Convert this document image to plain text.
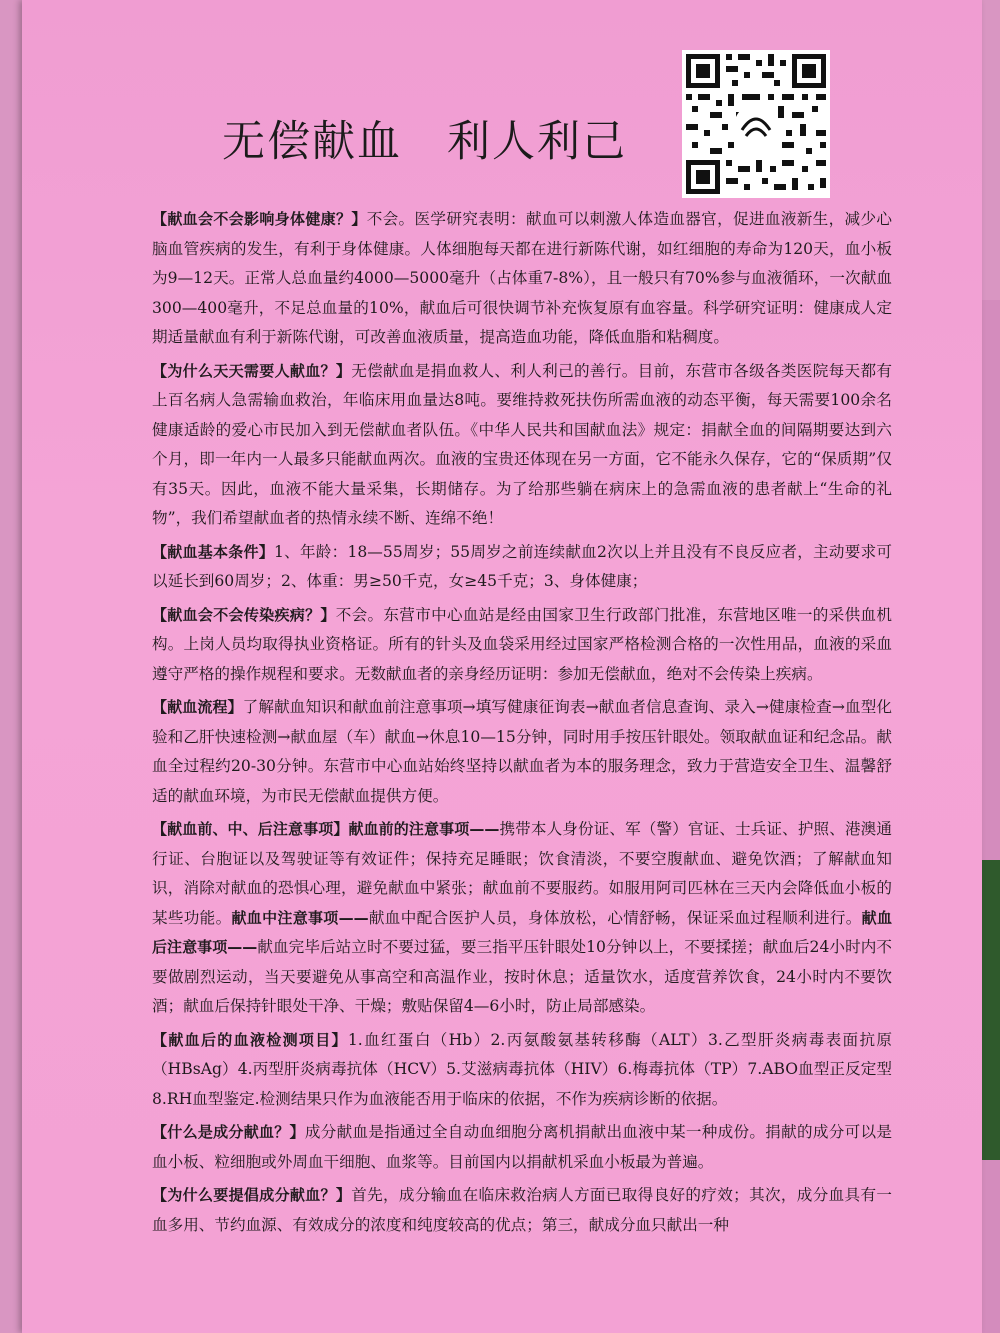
无偿献血　利人利己

【献血会不会影响身体健康？】不会。医学研究表明：献血可以刺激人体造血器官，促进血液新生，减少心脑血管疾病的发生，有利于身体健康。人体细胞每天都在进行新陈代谢，如红细胞的寿命为120天，血小板为9—12天。正常人总血量约4000—5000毫升（占体重7-8%），且一般只有70%参与血液循环，一次献血300—400毫升，不足总血量的10%，献血后可很快调节补充恢复原有血容量。科学研究证明：健康成人定期适量献血有利于新陈代谢，可改善血液质量，提高造血功能，降低血脂和粘稠度。

【为什么天天需要人献血？】无偿献血是捐血救人、利人利己的善行。目前，东营市各级各类医院每天都有上百名病人急需输血救治，年临床用血量达8吨。要维持救死扶伤所需血液的动态平衡，每天需要100余名健康适龄的爱心市民加入到无偿献血者队伍。《中华人民共和国献血法》规定：捐献全血的间隔期要达到六个月，即一年内一人最多只能献血两次。血液的宝贵还体现在另一方面，它不能永久保存，它的“保质期”仅有35天。因此，血液不能大量采集，长期储存。为了给那些躺在病床上的急需血液的患者献上“生命的礼物”，我们希望献血者的热情永续不断、连绵不绝！

【献血基本条件】1、年龄：18—55周岁；55周岁之前连续献血2次以上并且没有不良反应者，主动要求可以延长到60周岁；2、体重：男≥50千克，女≥45千克；3、身体健康；

【献血会不会传染疾病？】不会。东营市中心血站是经由国家卫生行政部门批准，东营地区唯一的采供血机构。上岗人员均取得执业资格证。所有的针头及血袋采用经过国家严格检测合格的一次性用品，血液的采血遵守严格的操作规程和要求。无数献血者的亲身经历证明：参加无偿献血，绝对不会传染上疾病。

【献血流程】了解献血知识和献血前注意事项→填写健康征询表→献血者信息查询、录入→健康检查→血型化验和乙肝快速检测→献血屋（车）献血→休息10—15分钟，同时用手按压针眼处。领取献血证和纪念品。献血全过程约20-30分钟。东营市中心血站始终坚持以献血者为本的服务理念，致力于营造安全卫生、温馨舒适的献血环境，为市民无偿献血提供方便。

【献血前、中、后注意事项】献血前的注意事项——携带本人身份证、军（警）官证、士兵证、护照、港澳通行证、台胞证以及驾驶证等有效证件；保持充足睡眠；饮食清淡，不要空腹献血、避免饮酒；了解献血知识，消除对献血的恐惧心理，避免献血中紧张；献血前不要服药。如服用阿司匹林在三天内会降低血小板的某些功能。献血中注意事项——献血中配合医护人员，身体放松，心情舒畅，保证采血过程顺利进行。献血后注意事项——献血完毕后站立时不要过猛，要三指平压针眼处10分钟以上，不要揉搓；献血后24小时内不要做剧烈运动，当天要避免从事高空和高温作业，按时休息；适量饮水，适度营养饮食，24小时内不要饮酒；献血后保持针眼处干净、干燥；敷贴保留4—6小时，防止局部感染。

【献血后的血液检测项目】1.血红蛋白（Hb）2.丙氨酸氨基转移酶（ALT）3.乙型肝炎病毒表面抗原（HBsAg）4.丙型肝炎病毒抗体（HCV）5.艾滋病毒抗体（HIV）6.梅毒抗体（TP）7.ABO血型正反定型8.RH血型鉴定.检测结果只作为血液能否用于临床的依据，不作为疾病诊断的依据。

【什么是成分献血？】成分献血是指通过全自动血细胞分离机捐献出血液中某一种成份。捐献的成分可以是血小板、粒细胞或外周血干细胞、血浆等。目前国内以捐献机采血小板最为普遍。

【为什么要提倡成分献血？】首先，成分输血在临床救治病人方面已取得良好的疗效；其次，成分血具有一血多用、节约血源、有效成分的浓度和纯度较高的优点；第三，献成分血只献出一种
